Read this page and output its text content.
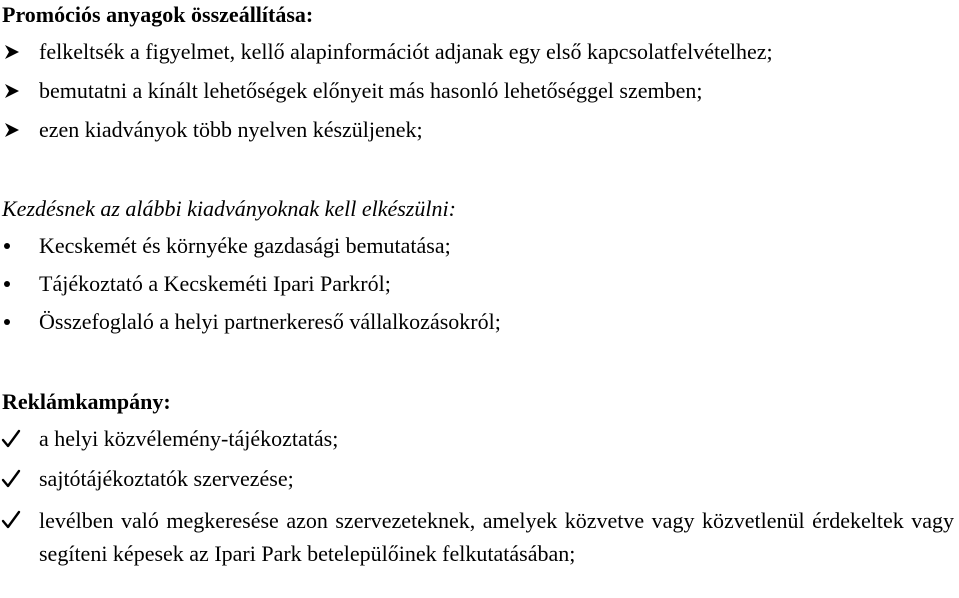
Promóciós anyagok összeállítása:
felkeltsék a figyelmet, kellő alapinformációt adjanak egy első kapcsolatfelvételhez;
bemutatni a kínált lehetőségek előnyeit más hasonló lehetőséggel szemben;
ezen kiadványok több nyelven készüljenek;
Kezdésnek az alábbi kiadványoknak kell elkészülni:
Kecskemét és környéke gazdasági bemutatása;
Tájékoztató a Kecskeméti Ipari Parkról;
Összefoglaló a helyi partnerkereső vállalkozásokról;
Reklámkampány:
a helyi közvélemény-tájékoztatás;
sajtótájékoztatók szervezése;
levélben való megkeresése azon szervezeteknek, amelyek közvetve vagy közvetlenül érdekeltek vagy segíteni képesek az Ipari Park betelepülőinek felkutatásában;
